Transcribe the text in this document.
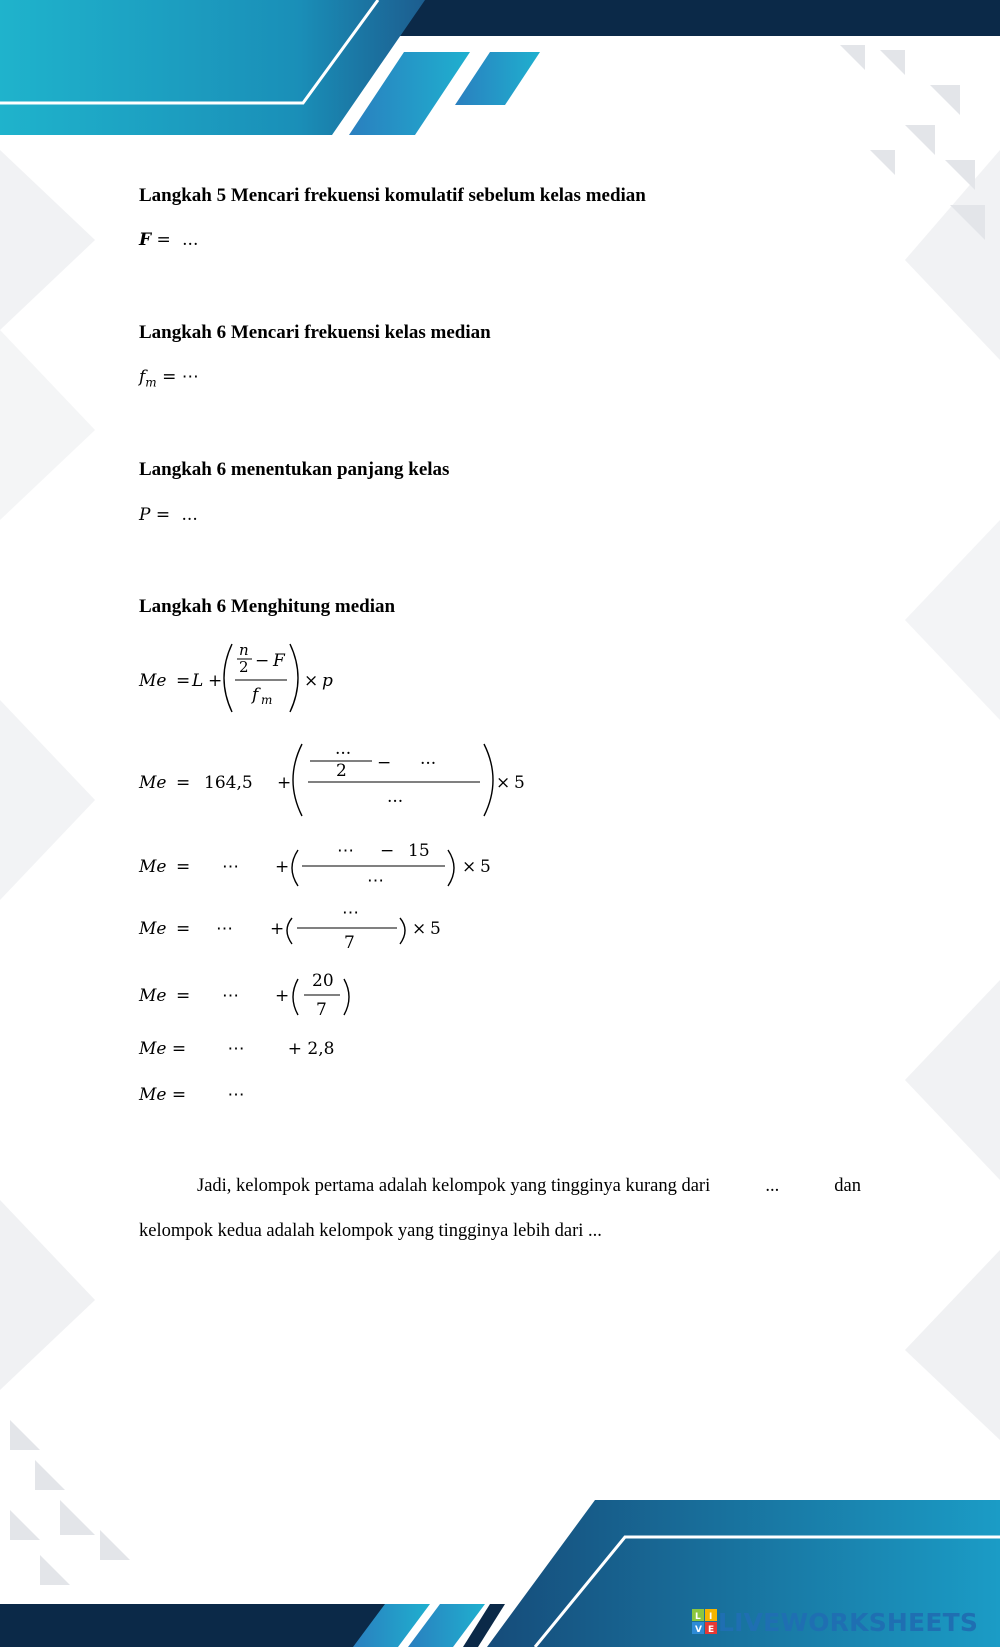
Langkah 5 Mencari frekuensi komulatif sebelum kelas median
F = ...
Langkah 6 Mencari frekuensi kelas median
$f_m$ = ⋯
Langkah 6 menentukan panjang kelas
P = ...
Langkah 6 Menghitung median
Me = L +
n
2 − F
f m
× p
Me = 164,5 +
...
2 − ...
...
× 5
Me = ⋯ +
⋯ − 15
⋯
× 5
Me = ⋯ +
⋯
7
× 5
Me = ⋯ +
20
7
Me = ⋯	+ 2,8
Me = ⋯
Jadi, kelompok pertama adalah kelompok yang tingginya kurang dari	...	dan
kelompok kedua adalah kelompok yang tingginya lebih dari ...
L I
V E LIVEWORKSHEETS
